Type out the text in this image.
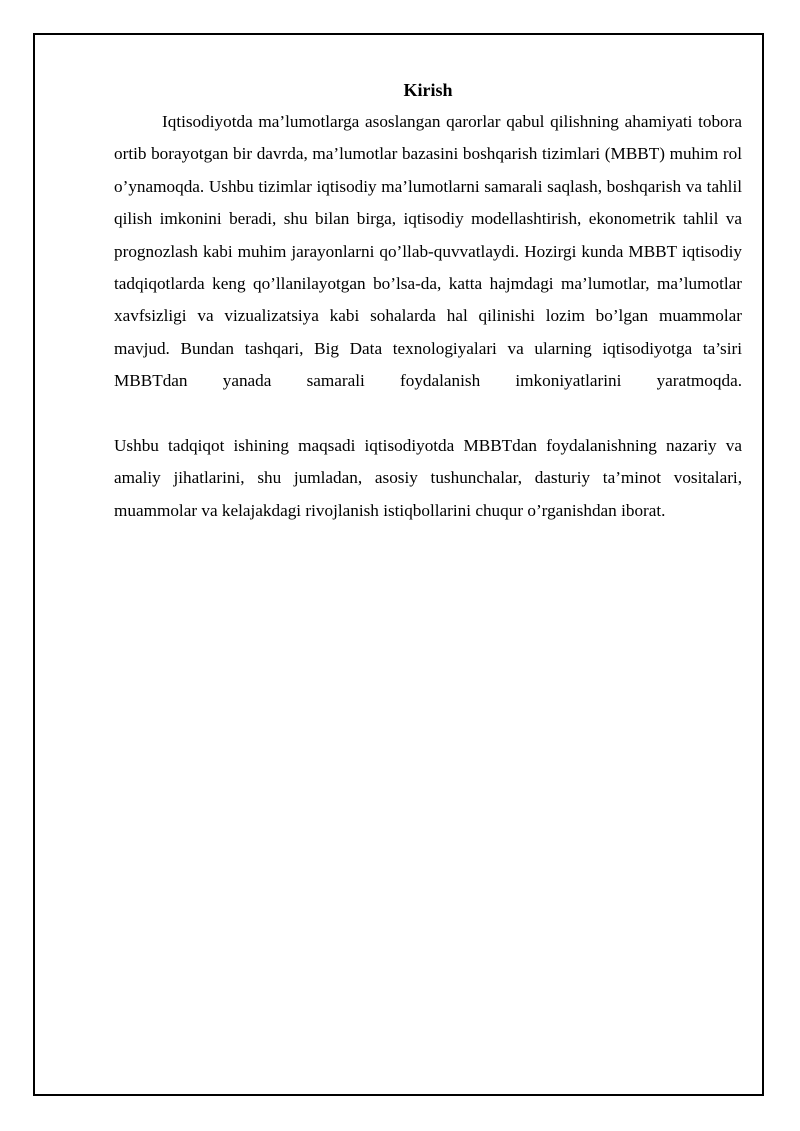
Kirish

Iqtisodiyotda ma’lumotlarga asoslangan qarorlar qabul qilishning ahamiyati tobora ortib borayotgan bir davrda, ma’lumotlar bazasini boshqarish tizimlari (MBBT) muhim rol o’ynamoqda. Ushbu tizimlar iqtisodiy ma’lumotlarni samarali saqlash, boshqarish va tahlil qilish imkonini beradi, shu bilan birga, iqtisodiy modellashtirish, ekonometrik tahlil va prognozlash kabi muhim jarayonlarni qo’llab-quvvatlaydi. Hozirgi kunda MBBT iqtisodiy tadqiqotlarda keng qo’llanilayotgan bo’lsa-da, katta hajmdagi ma’lumotlar, ma’lumotlar xavfsizligi va vizualizatsiya kabi sohalarda hal qilinishi lozim bo’lgan muammolar mavjud. Bundan tashqari, Big Data texnologiyalari va ularning iqtisodiyotga ta’siri MBBTdan yanada samarali foydalanish imkoniyatlarini yaratmoqda.

Ushbu tadqiqot ishining maqsadi iqtisodiyotda MBBTdan foydalanishning nazariy va amaliy jihatlarini, shu jumladan, asosiy tushunchalar, dasturiy ta’minot vositalari, muammolar va kelajakdagi rivojlanish istiqbollarini chuqur o’rganishdan iborat.
